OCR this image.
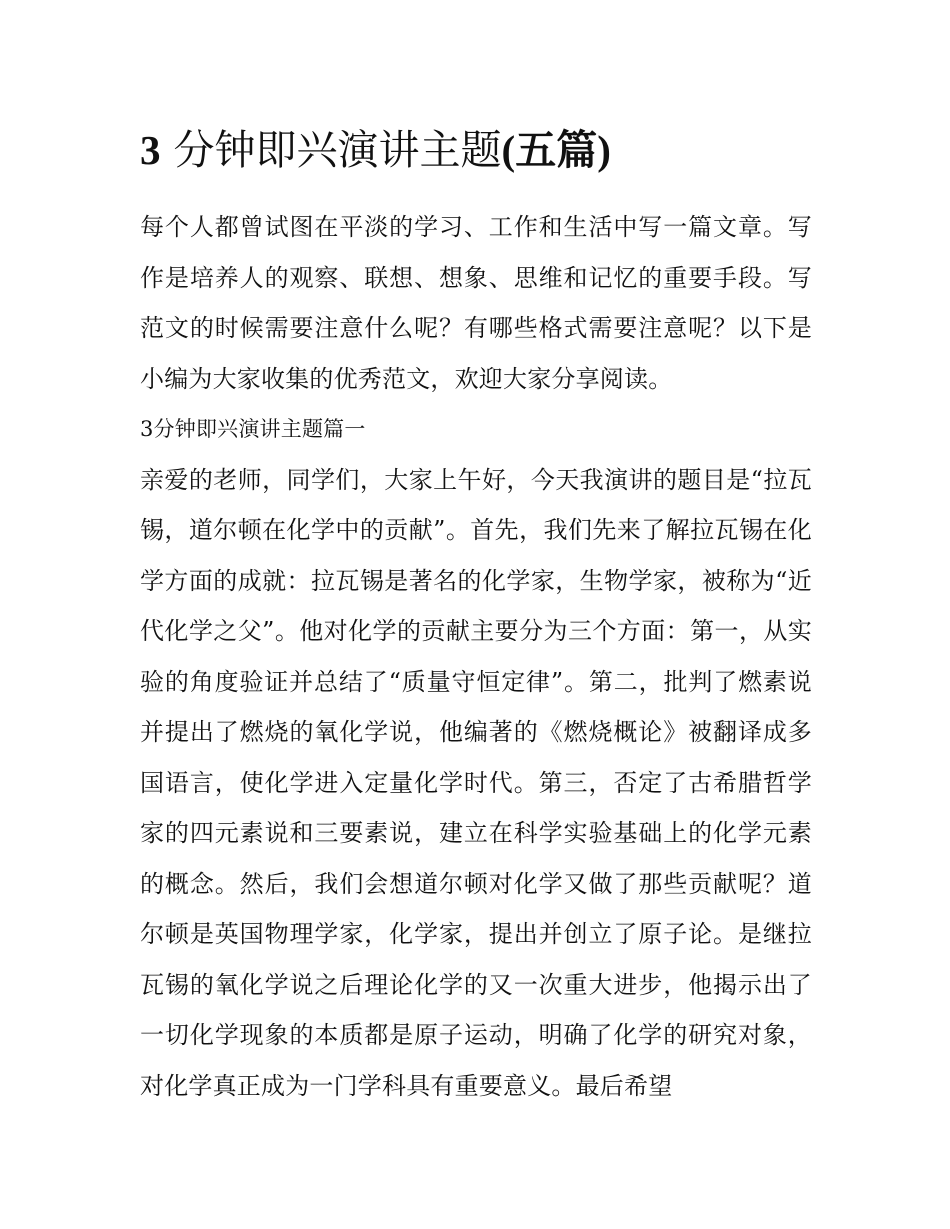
3 分钟即兴演讲主题(五篇)

每个人都曾试图在平淡的学习、工作和生活中写一篇文章。写作是培养人的观察、联想、想象、思维和记忆的重要手段。写范文的时候需要注意什么呢？有哪些格式需要注意呢？以下是小编为大家收集的优秀范文，欢迎大家分享阅读。

3分钟即兴演讲主题篇一

亲爱的老师，同学们，大家上午好，今天我演讲的题目是“拉瓦锡，道尔顿在化学中的贡献”。首先，我们先来了解拉瓦锡在化学方面的成就：拉瓦锡是著名的化学家，生物学家，被称为“近代化学之父”。他对化学的贡献主要分为三个方面：第一，从实验的角度验证并总结了“质量守恒定律”。第二，批判了燃素说并提出了燃烧的氧化学说，他编著的《燃烧概论》被翻译成多国语言，使化学进入定量化学时代。第三，否定了古希腊哲学家的四元素说和三要素说，建立在科学实验基础上的化学元素的概念。然后，我们会想道尔顿对化学又做了那些贡献呢？道尔顿是英国物理学家，化学家，提出并创立了原子论。是继拉瓦锡的氧化学说之后理论化学的又一次重大进步，他揭示出了一切化学现象的本质都是原子运动，明确了化学的研究对象，对化学真正成为一门学科具有重要意义。最后希望
